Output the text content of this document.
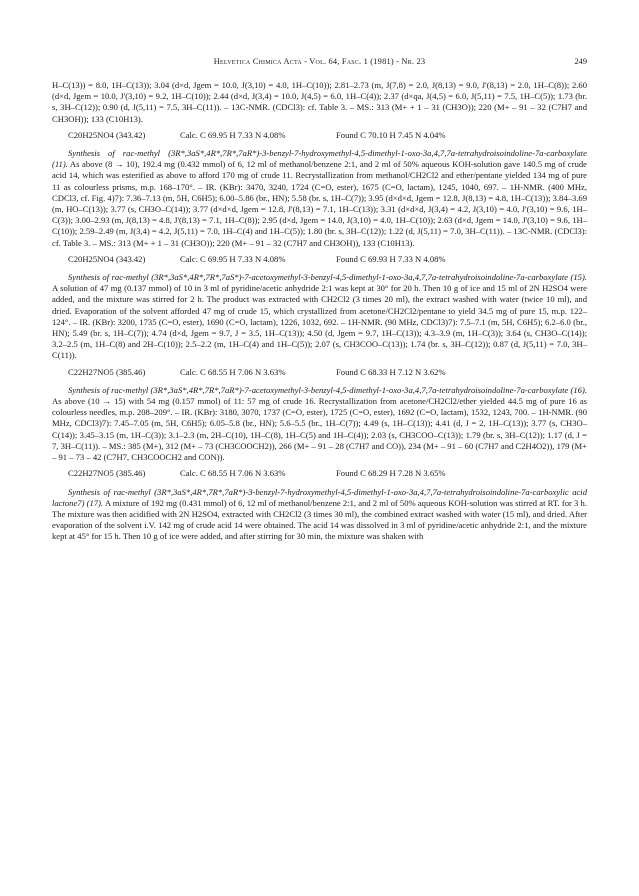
Helvetica Chimica Acta - Vol. 64, Fasc. 1 (1981) - Nr. 23	249

H–C(13)) = 8.0, 1H–C(13)); 3.04 (d×d, Jgem = 10.0, J(3,10) = 4.0, 1H–C(10)); 2.81–2.73 (m, J(7,8) = 2.0, J(8,13) = 9.0, J'(8,13) = 2.0, 1H–C(8)); 2.60 (d×d, Jgem = 10.0, J'(3,10) = 9.2, 1H–C(10)); 2.44 (d×d, J(3,4) = 10.0, J(4,5) = 6.0, 1H–C(4)); 2.37 (d×qa, J(4,5) = 6.0, J(5,11) = 7.5, 1H–C(5)); 1.73 (br. s, 3H–C(12)); 0.90 (d, J(5,11) = 7.5, 3H–C(11)). – 13C-NMR. (CDCl3): cf. Table 3. – MS.: 313 (M+ + 1 – 31 (CH3O)); 220 (M+ – 91 – 32 (C7H7 and CH3OH)); 133 (C10H13).

C20H25NO4 (343.42)	Calc. C 69.95 H 7.33 N 4.08%	Found C 70.10 H 7.45 N 4.04%

Synthesis of rac-methyl (3R*,3aS*,4R*,7R*,7aR*)-3-benzyl-7-hydroxymethyl-4,5-dimethyl-1-oxo-3a,4,7,7a-tetrahydroisoindoline-7a-carboxylate (11). As above (8 → 10), 192.4 mg (0.432 mmol) of 6, 12 ml of methanol/benzene 2:1, and 2 ml of 50% aqueous KOH-solution gave 140.5 mg of crude acid 14, which was esterified as above to afford 170 mg of crude 11. Recrystallization from methanol/CH2Cl2 and ether/pentane yielded 134 mg of pure 11 as colourless prisms, m.p. 168–170°. – IR. (KBr): 3470, 3240, 1724 (C=O, ester), 1675 (C=O, lactam), 1245, 1040, 697. – 1H-NMR. (400 MHz, CDCl3, cf. Fig. 4)7): 7.36–7.13 (m, 5H, C6H5); 6.00–5.86 (br., HN); 5.58 (br. s, 1H–C(7)); 3.95 (d×d×d, Jgem = 12.8, J(8,13) = 4.8, 1H–C(13)); 3.84–3.69 (m, HO–C(13)); 3.77 (s, CH3O–C(14)); 3.77 (d×d×d, Jgem = 12.8, J'(8,13) = 7.1, 1H–C(13)); 3.31 (d×d×d, J(3,4) = 4.2, J(3,10) = 4.0, J'(3,10) = 9.6, 1H–C(3)); 3.00–2.93 (m, J(8,13) = 4.8, J'(8,13) = 7.1, 1H–C(8)); 2.95 (d×d, Jgem = 14.0, J(3,10) = 4.0, 1H–C(10)); 2.63 (d×d, Jgem = 14.0, J'(3,10) = 9.6, 1H–C(10)); 2.59–2.49 (m, J(3,4) = 4.2, J(5,11) = 7.0, 1H–C(4) and 1H–C(5)); 1.80 (br. s, 3H–C(12)); 1.22 (d, J(5,11) = 7.0, 3H–C(11)). – 13C-NMR. (CDCl3): cf. Table 3. – MS.: 313 (M+ + 1 – 31 (CH3O)); 220 (M+ – 91 – 32 (C7H7 and CH3OH)), 133 (C10H13).

C20H25NO4 (343.42)	Calc. C 69.95 H 7.33 N 4.08%	Found C 69.93 H 7.33 N 4.08%

Synthesis of rac-methyl (3R*,3aS*,4R*,7R*,7aS*)-7-acetoxymethyl-3-benzyl-4,5-dimethyl-1-oxo-3a,4,7,7a-tetrahydroisoindoline-7a-carboxylate (15). A solution of 47 mg (0.137 mmol) of 10 in 3 ml of pyridine/acetic anhydride 2:1 was kept at 30° for 20 h. Then 10 g of ice and 15 ml of 2N H2SO4 were added, and the mixture was stirred for 2 h. The product was extracted with CH2Cl2 (3 times 20 ml), the extract washed with water (twice 10 ml), and dried. Evaporation of the solvent afforded 47 mg of crude 15, which crystallized from acetone/CH2Cl2/pentane to yield 34.5 mg of pure 15, m.p. 122–124°. – IR. (KBr): 3200, 1735 (C=O, ester), 1690 (C=O, lactam), 1226, 1032, 692. – 1H-NMR. (90 MHz, CDCl3)7): 7.5–7.1 (m, 5H, C6H5); 6.2–6.0 (br., HN); 5.49 (br. s, 1H–C(7)); 4.74 (d×d, Jgem = 9.7, J = 3.5, 1H–C(13)); 4.50 (d, Jgem = 9.7, 1H–C(13)); 4.3–3.9 (m, 1H–C(3)); 3.64 (s, CH3O–C(14)); 3.2–2.5 (m, 1H–C(8) and 2H–C(10)); 2.5–2.2 (m, 1H–C(4) and 1H–C(5)); 2.07 (s, CH3COO–C(13)); 1.74 (br. s, 3H–C(12)); 0.87 (d, J(5,11) = 7.0, 3H–C(11)).

C22H27NO5 (385.46)	Calc. C 68.55 H 7.06 N 3.63%	Found C 68.33 H 7.12 N 3.62%

Synthesis of rac-methyl (3R*,3aS*,4R*,7R*,7aR*)-7-acetoxymethyl-3-benzyl-4,5-dimethyl-1-oxo-3a,4,7,7a-tetrahydroisoindoline-7a-carboxylate (16). As above (10 → 15) with 54 mg (0.157 mmol) of 11: 57 mg of crude 16. Recrystallization from acetone/CH2Cl2/ether yielded 44.5 mg of pure 16 as colourless needles, m.p. 208–209°. – IR. (KBr): 3180, 3070, 1737 (C=O, ester), 1725 (C=O, ester), 1692 (C=O, lactam), 1532, 1243, 700. – 1H-NMR. (90 MHz, CDCl3)7): 7.45–7.05 (m, 5H, C6H5); 6.05–5.8 (br., HN); 5.6–5.5 (br., 1H–C(7)); 4.49 (s, 1H–C(13)); 4.41 (d, J = 2, 1H–C(13)); 3.77 (s, CH3O–C(14)); 3.45–3.15 (m, 1H–C(3)); 3.1–2.3 (m, 2H–C(10), 1H–C(8), 1H–C(5) and 1H–C(4)); 2.03 (s, CH3COO–C(13)); 1.79 (br. s, 3H–C(12)); 1.17 (d, J = 7, 3H–C(11)). – MS.: 385 (M+), 312 (M+ – 73 (CH3COOCH2)), 266 (M+ – 91 – 28 (C7H7 and CO)), 234 (M+ – 91 – 60 (C7H7 and C2H4O2)), 179 (M+ – 91 – 73 – 42 (C7H7, CH3COOCH2 and CON)).

C22H27NO5 (385.46)	Calc. C 68.55 H 7.06 N 3.63%	Found C 68.29 H 7.28 N 3.65%

Synthesis of rac-methyl (3R*,3aS*,4R*,7R*,7aR*)-3-benzyl-7-hydroxymethyl-4,5-dimethyl-1-oxo-3a,4,7,7a-tetrahydroisoindoline-7a-carboxylic acid lactone7) (17). A mixture of 192 mg (0.431 mmol) of 6, 12 ml of methanol/benzene 2:1, and 2 ml of 50% aqueous KOH-solution was stirred at RT. for 3 h. The mixture was then acidified with 2N H2SO4, extracted with CH2Cl2 (3 times 30 ml), the combined extract washed with water (15 ml), and dried. After evaporation of the solvent i.V. 142 mg of crude acid 14 were obtained. The acid 14 was dissolved in 3 ml of pyridine/acetic anhydride 2:1, and the mixture kept at 45° for 15 h. Then 10 g of ice were added, and after stirring for 30 min, the mixture was shaken with
